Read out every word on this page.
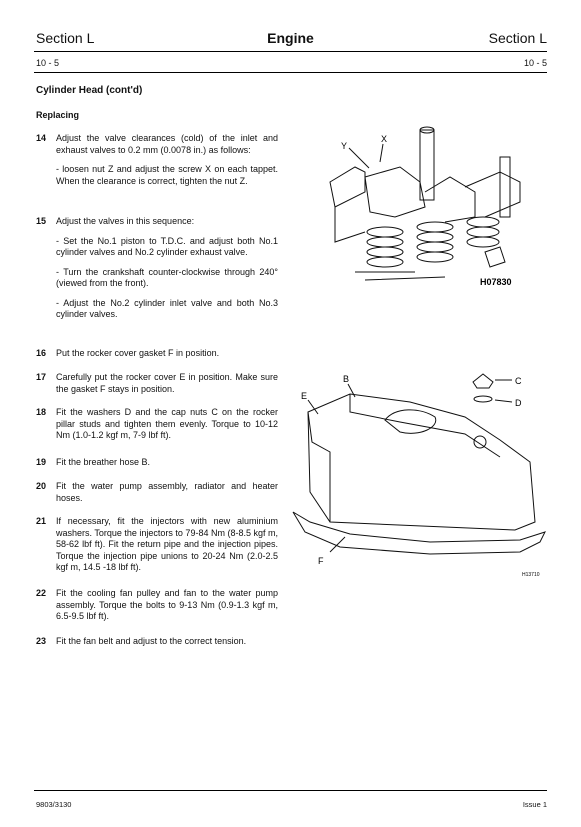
Section L	Engine	Section L
10 - 5	10 - 5
Cylinder Head (cont'd)
Replacing
14 Adjust the valve clearances (cold) of the inlet and exhaust valves to 0.2 mm (0.0078 in.) as follows:
- loosen nut Z and adjust the screw X on each tappet. When the clearance is correct, tighten the nut Z.
15 Adjust the valves in this sequence:
- Set the No.1 piston to T.D.C. and adjust both No.1 cylinder valves and No.2 cylinder exhaust valve.
- Turn the crankshaft counter-clockwise through 240° (viewed from the front).
- Adjust the No.2 cylinder inlet valve and both No.3 cylinder valves.
16 Put the rocker cover gasket F in position.
17 Carefully put the rocker cover E in position. Make sure the gasket F stays in position.
18 Fit the washers D and the cap nuts C on the rocker pillar studs and tighten them evenly. Torque to 10-12 Nm (1.0-1.2 kgf m, 7-9 lbf ft).
19 Fit the breather hose B.
20 Fit the water pump assembly, radiator and heater hoses.
21 If necessary, fit the injectors with new aluminium washers. Torque the injectors to 79-84 Nm (8-8.5 kgf m, 58-62 lbf ft). Fit the return pipe and the injection pipes. Torque the injection pipe unions to 20-24 Nm (2.0-2.5 kgf m, 14.5 -18 lbf ft).
22 Fit the cooling fan pulley and fan to the water pump assembly. Torque the bolts to 9-13 Nm (0.9-1.3 kgf m, 6.5-9.5 lbf ft).
23 Fit the fan belt and adjust to the correct tension.
Y
X
H07830
E
B	C
D
F
H13710
9803/3130	Issue 1
